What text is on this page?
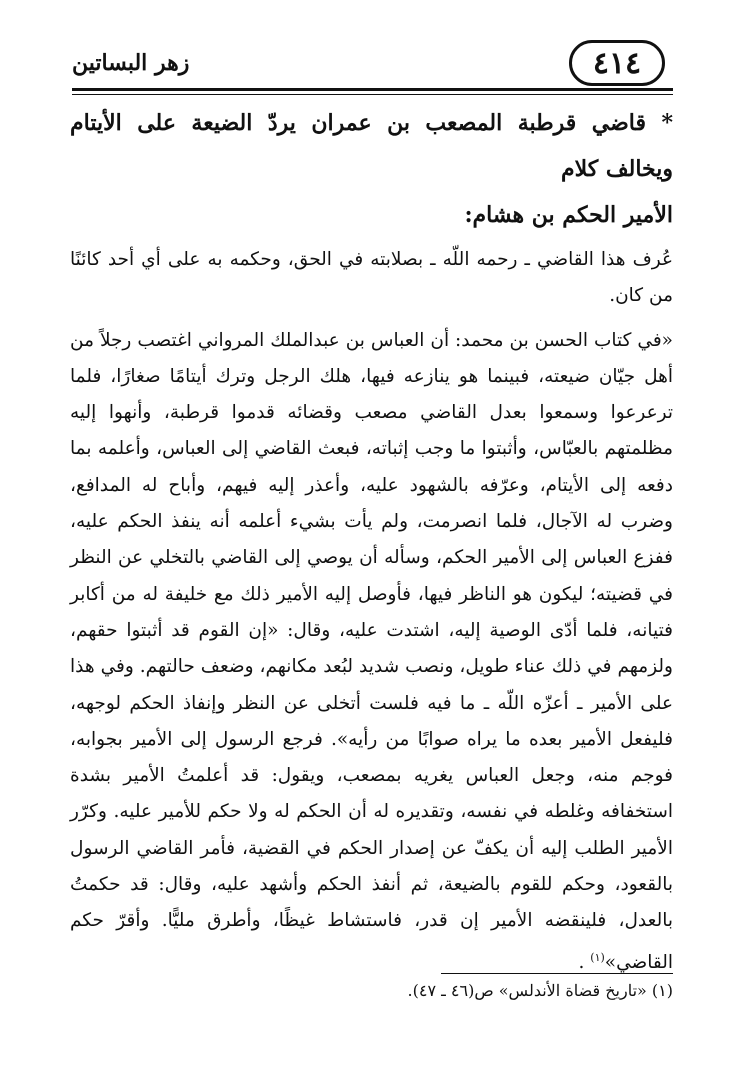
٤١٤
زهر البساتين

* قاضي قرطبة المصعب بن عمران يردّ الضيعة على الأيتام ويخالف كلام
الأمير الحكم بن هشام:

عُرف هذا القاضي ـ رحمه اللّه ـ بصلابته في الحق، وحكمه به على أي أحد كائنًا من كان.

«في كتاب الحسن بن محمد: أن العباس بن عبدالملك المرواني اغتصب رجلاً من أهل جيّان ضيعته، فبينما هو ينازعه فيها، هلك الرجل وترك أيتامًا صغارًا، فلما ترعرعوا وسمعوا بعدل القاضي مصعب وقضائه قدموا قرطبة، وأنهوا إليه مظلمتهم بالعبّاس، وأثبتوا ما وجب إثباته، فبعث القاضي إلى العباس، وأعلمه بما دفعه إلى الأيتام، وعرّفه بالشهود عليه، وأعذر إليه فيهم، وأباح له المدافع، وضرب له الآجال، فلما انصرمت، ولم يأت بشيء أعلمه أنه ينفذ الحكم عليه، ففزع العباس إلى الأمير الحكم، وسأله أن يوصي إلى القاضي بالتخلي عن النظر في قضيته؛ ليكون هو الناظر فيها، فأوصل إليه الأمير ذلك مع خليفة له من أكابر فتيانه، فلما أدّى الوصية إليه، اشتدت عليه، وقال: «إن القوم قد أثبتوا حقهم، ولزمهم في ذلك عناء طويل، ونصب شديد لبُعد مكانهم، وضعف حالتهم. وفي هذا على الأمير ـ أعزّه اللّه ـ ما فيه فلست أتخلى عن النظر وإنفاذ الحكم لوجهه، فليفعل الأمير بعده ما يراه صوابًا من رأيه». فرجع الرسول إلى الأمير بجوابه، فوجم منه، وجعل العباس يغريه بمصعب، ويقول: قد أعلمتُ الأمير بشدة استخفافه وغلطه في نفسه، وتقديره له أن الحكم له ولا حكم للأمير عليه. وكرّر الأمير الطلب إليه أن يكفّ عن إصدار الحكم في القضية، فأمر القاضي الرسول بالقعود، وحكم للقوم بالضيعة، ثم أنفذ الحكم وأشهد عليه، وقال: قد حكمتُ بالعدل، فلينقضه الأمير إن قدر، فاستشاط غيظًا، وأطرق مليًّا. وأقرّ حكم القاضي»$^{(١)}$ .

(١) «تاريخ قضاة الأندلس» ص(٤٦ ـ ٤٧).
